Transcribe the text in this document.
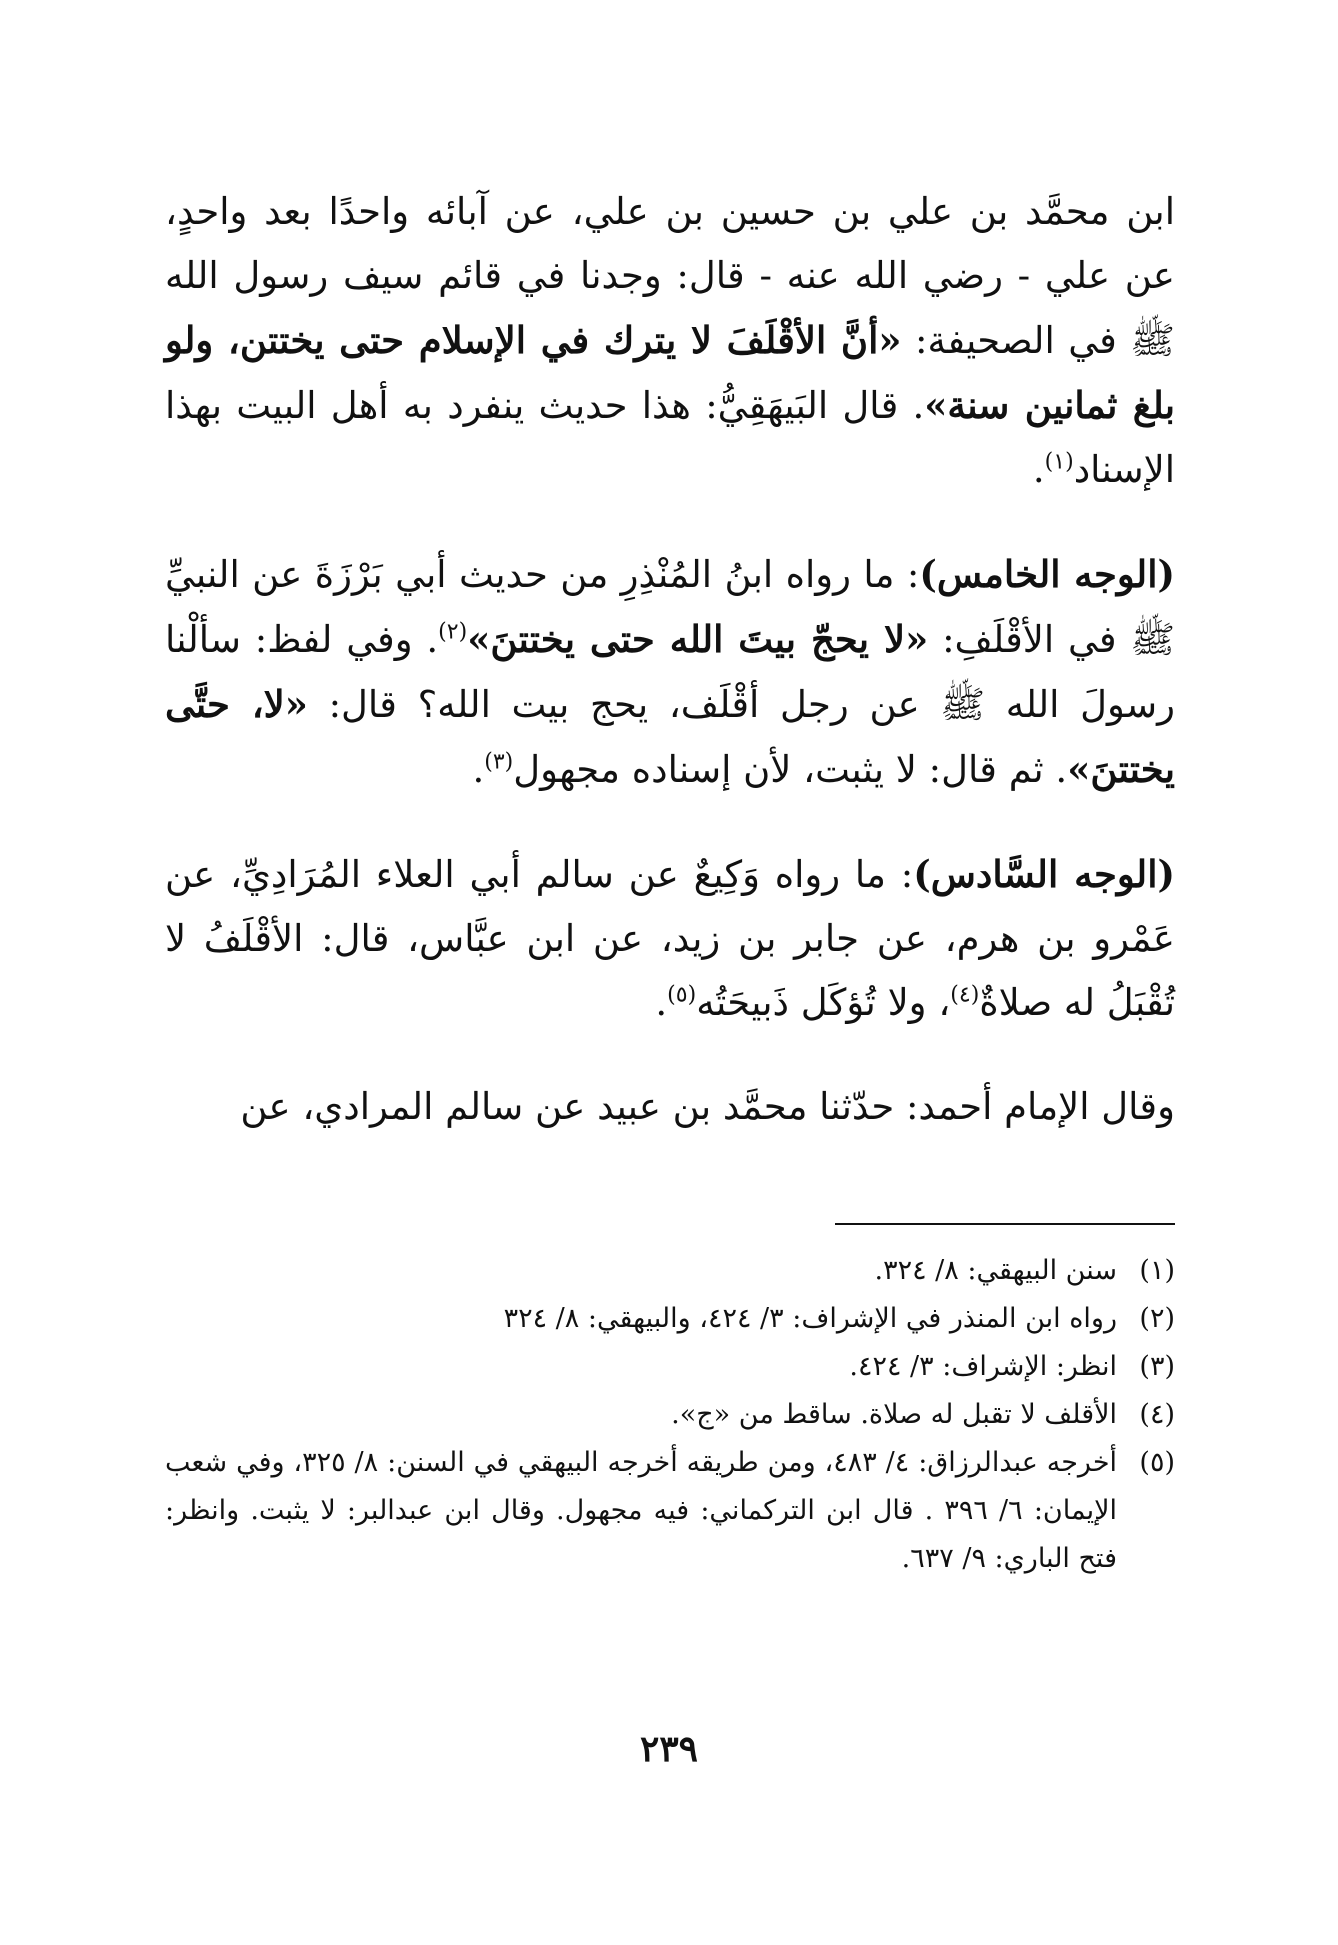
ابن محمَّد بن علي بن حسين بن علي، عن آبائه واحدًا بعد واحدٍ، عن علي - رضي الله عنه - قال: وجدنا في قائم سيف رسول الله ﷺ في الصحيفة: «أنَّ الأقْلَفَ لا يترك في الإسلام حتى يختتن، ولو بلغ ثمانين سنة». قال البَيهَقِيُّ: هذا حديث ينفرد به أهل البيت بهذا الإسناد$^{(١)}$.

(الوجه الخامس): ما رواه ابنُ المُنْذِرِ من حديث أبي بَرْزَةَ عن النبيِّ ﷺ في الأقْلَفِ: «لا يحجّ بيتَ الله حتى يختتنَ»$^{(٢)}$. وفي لفظ: سألْنا رسولَ الله ﷺ عن رجل أقْلَف، يحج بيت الله؟ قال: «لا، حتَّى يختتنَ». ثم قال: لا يثبت، لأن إسناده مجهول$^{(٣)}$.

(الوجه السَّادس): ما رواه وَكِيعٌ عن سالم أبي العلاء المُرَادِيِّ، عن عَمْرو بن هرم، عن جابر بن زيد، عن ابن عبَّاس، قال: الأقْلَفُ لا تُقْبَلُ له صلاةٌ$^{(٤)}$، ولا تُؤكَل ذَبيحَتُه$^{(٥)}$.

وقال الإمام أحمد: حدّثنا محمَّد بن عبيد عن سالم المرادي، عن

(١)
سنن البيهقي: ٨/ ٣٢٤.
(٢)
رواه ابن المنذر في الإشراف: ٣/ ٤٢٤، والبيهقي: ٨/ ٣٢٤
(٣)
انظر: الإشراف: ٣/ ٤٢٤.
(٤)
الأقلف لا تقبل له صلاة. ساقط من «ج».
(٥)
أخرجه عبدالرزاق: ٤/ ٤٨٣، ومن طريقه أخرجه البيهقي في السنن: ٨/ ٣٢٥، وفي شعب الإيمان: ٦/ ٣٩٦ . قال ابن التركماني: فيه مجهول. وقال ابن عبدالبر: لا يثبت. وانظر: فتح الباري: ٩/ ٦٣٧.
٢٣٩
